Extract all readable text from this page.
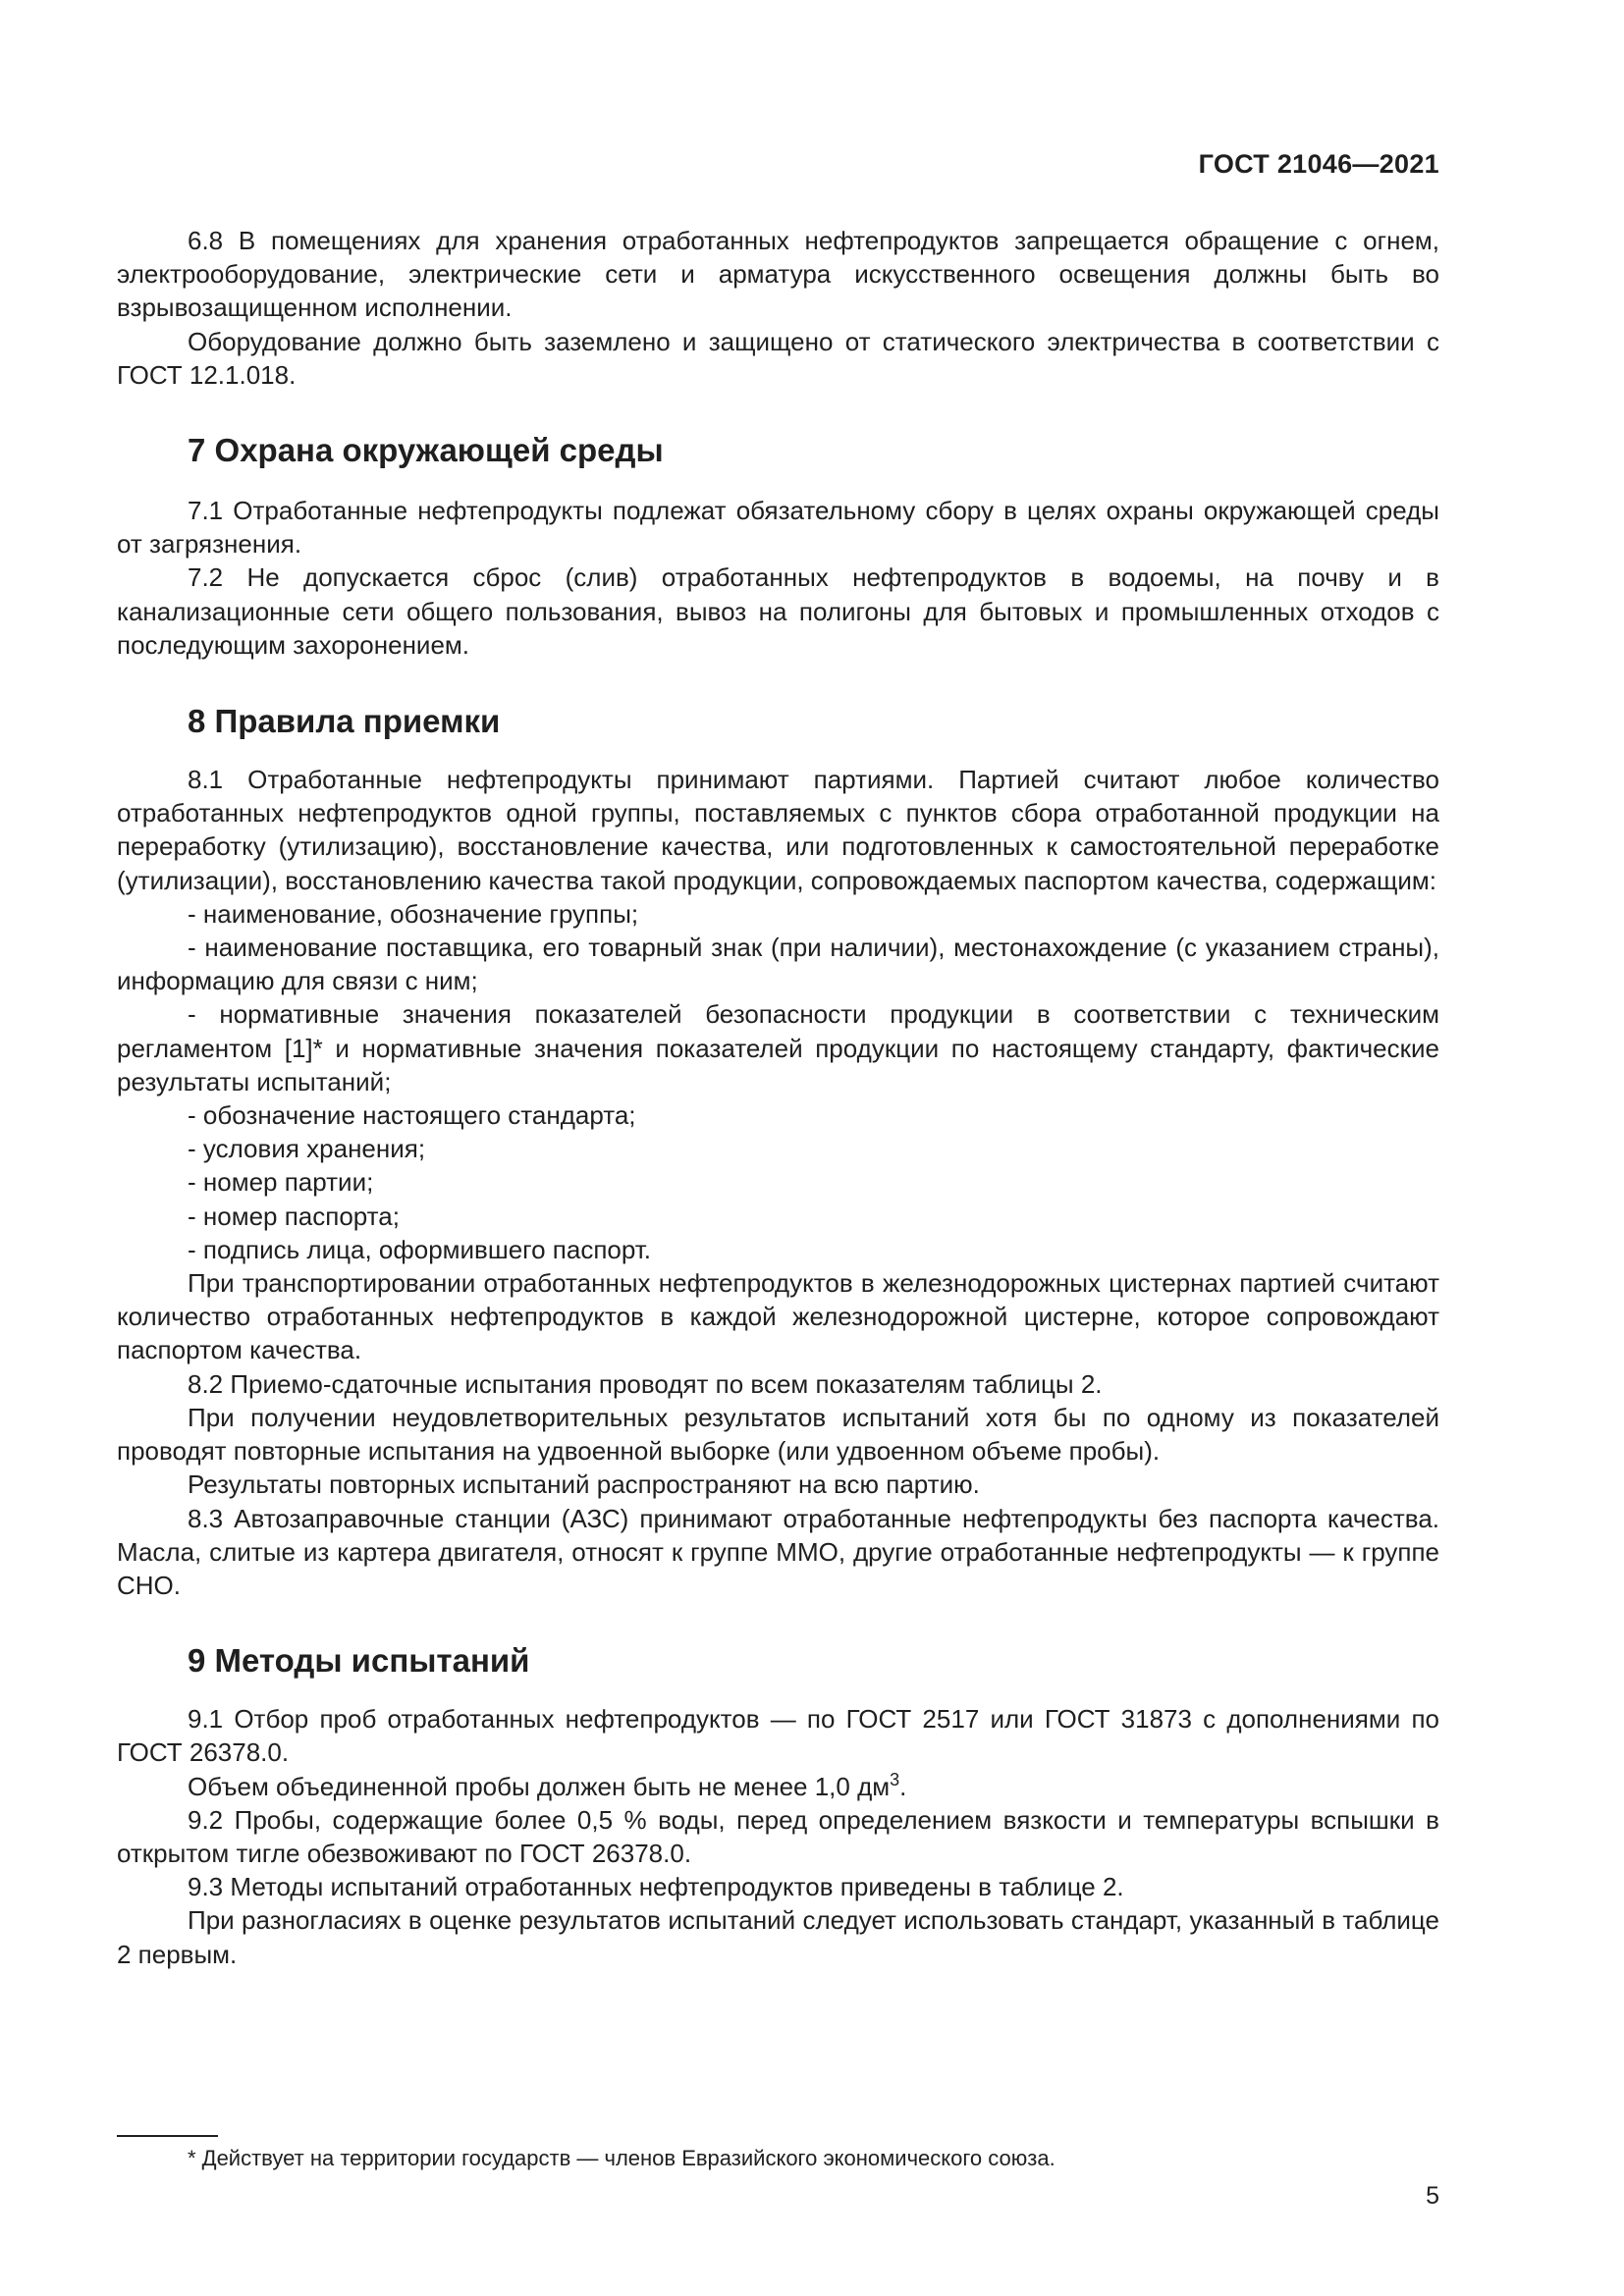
ГОСТ 21046—2021

6.8 В помещениях для хранения отработанных нефтепродуктов запрещается обращение с огнем, электрооборудование, электрические сети и арматура искусственного освещения должны быть во взрывозащищенном исполнении.

Оборудование должно быть заземлено и защищено от статического электричества в соответствии с ГОСТ 12.1.018.

7 Охрана окружающей среды

7.1 Отработанные нефтепродукты подлежат обязательному сбору в целях охраны окружающей среды от загрязнения.

7.2 Не допускается сброс (слив) отработанных нефтепродуктов в водоемы, на почву и в канализационные сети общего пользования, вывоз на полигоны для бытовых и промышленных отходов с последующим захоронением.

8 Правила приемки

8.1 Отработанные нефтепродукты принимают партиями. Партией считают любое количество отработанных нефтепродуктов одной группы, поставляемых с пунктов сбора отработанной продукции на переработку (утилизацию), восстановление качества, или подготовленных к самостоятельной переработке (утилизации), восстановлению качества такой продукции, сопровождаемых паспортом качества, содержащим:

- наименование, обозначение группы;

- наименование поставщика, его товарный знак (при наличии), местонахождение (с указанием страны), информацию для связи с ним;

- нормативные значения показателей безопасности продукции в соответствии с техническим регламентом [1]* и нормативные значения показателей продукции по настоящему стандарту, фактические результаты испытаний;

- обозначение настоящего стандарта;

- условия хранения;

- номер партии;

- номер паспорта;

- подпись лица, оформившего паспорт.

При транспортировании отработанных нефтепродуктов в железнодорожных цистернах партией считают количество отработанных нефтепродуктов в каждой железнодорожной цистерне, которое сопровождают паспортом качества.

8.2 Приемо-сдаточные испытания проводят по всем показателям таблицы 2.

При получении неудовлетворительных результатов испытаний хотя бы по одному из показателей проводят повторные испытания на удвоенной выборке (или удвоенном объеме пробы).

Результаты повторных испытаний распространяют на всю партию.

8.3 Автозаправочные станции (АЗС) принимают отработанные нефтепродукты без паспорта качества. Масла, слитые из картера двигателя, относят к группе ММО, другие отработанные нефтепродукты — к группе СНО.

9 Методы испытаний

9.1 Отбор проб отработанных нефтепродуктов — по ГОСТ 2517 или ГОСТ 31873 с дополнениями по ГОСТ 26378.0.

Объем объединенной пробы должен быть не менее 1,0 $дм^3$.

9.2 Пробы, содержащие более 0,5 % воды, перед определением вязкости и температуры вспышки в открытом тигле обезвоживают по ГОСТ 26378.0.

9.3 Методы испытаний отработанных нефтепродуктов приведены в таблице 2.

При разногласиях в оценке результатов испытаний следует использовать стандарт, указанный в таблице 2 первым.

* Действует на территории государств — членов Евразийского экономического союза.
5
